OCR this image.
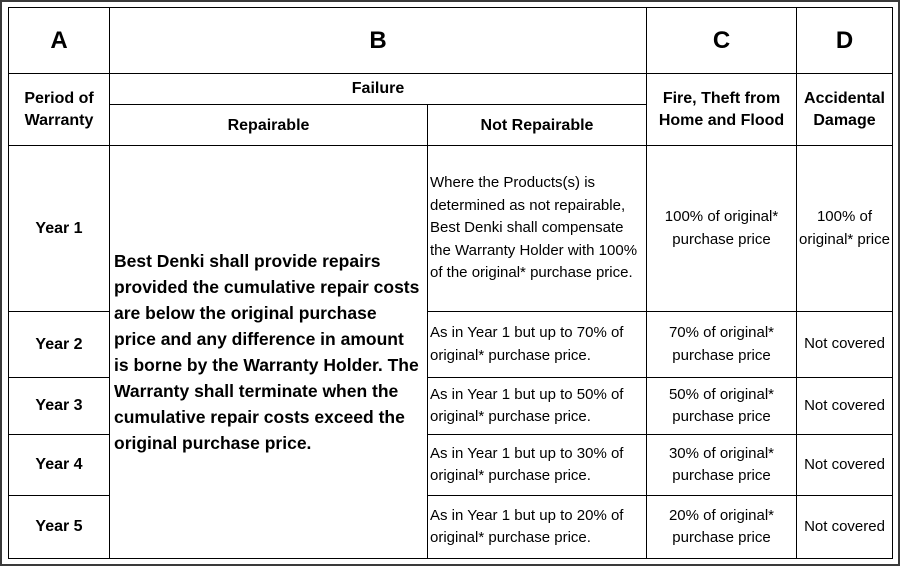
A	B		C	D
Period of Warranty	Failure		Fire, Theft from Home and Flood	Accidental Damage
	Repairable	Not Repairable		
Year 1	Best Denki shall provide repairs provided the cumulative repair costs are below the original purchase price and any difference in amount is borne by the Warranty Holder. The Warranty shall terminate when the cumulative repair costs exceed the original purchase price.	Where the Products(s) is determined as not repairable, Best Denki shall compensate the Warranty Holder with 100% of the original* purchase price.	100% of original* purchase price	100% of original* price
Year 2		As in Year 1 but up to 70% of original* purchase price.	70% of original* purchase price	Not covered
Year 3		As in Year 1 but up to 50% of original* purchase price.	50% of original* purchase price	Not covered
Year 4		As in Year 1 but up to 30% of original* purchase price.	30% of original* purchase price	Not covered
Year 5		As in Year 1 but up to 20% of original* purchase price.	20% of original* purchase price	Not covered
